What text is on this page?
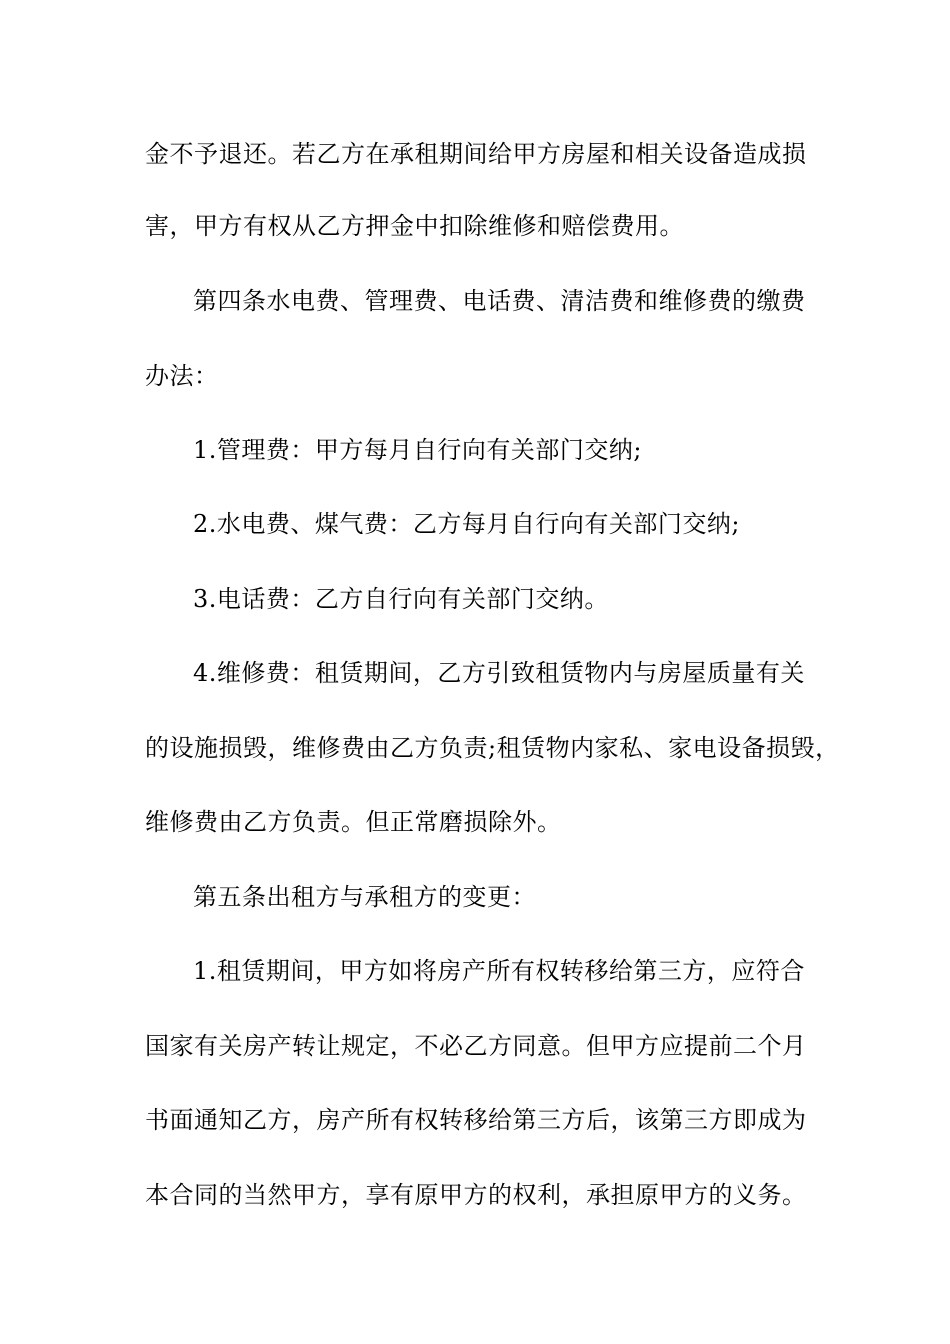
金不予退还。若乙方在承租期间给甲方房屋和相关设备造成损
害，甲方有权从乙方押金中扣除维修和赔偿费用。
第四条水电费、管理费、电话费、清洁费和维修费的缴费
办法：
1.管理费：甲方每月自行向有关部门交纳;
2.水电费、煤气费：乙方每月自行向有关部门交纳;
3.电话费：乙方自行向有关部门交纳。
4.维修费：租赁期间，乙方引致租赁物内与房屋质量有关
的设施损毁，维修费由乙方负责;租赁物内家私、家电设备损毁，
维修费由乙方负责。但正常磨损除外。
第五条出租方与承租方的变更：
1.租赁期间，甲方如将房产所有权转移给第三方，应符合
国家有关房产转让规定，不必乙方同意。但甲方应提前二个月
书面通知乙方，房产所有权转移给第三方后，该第三方即成为
本合同的当然甲方，享有原甲方的权利，承担原甲方的义务。
